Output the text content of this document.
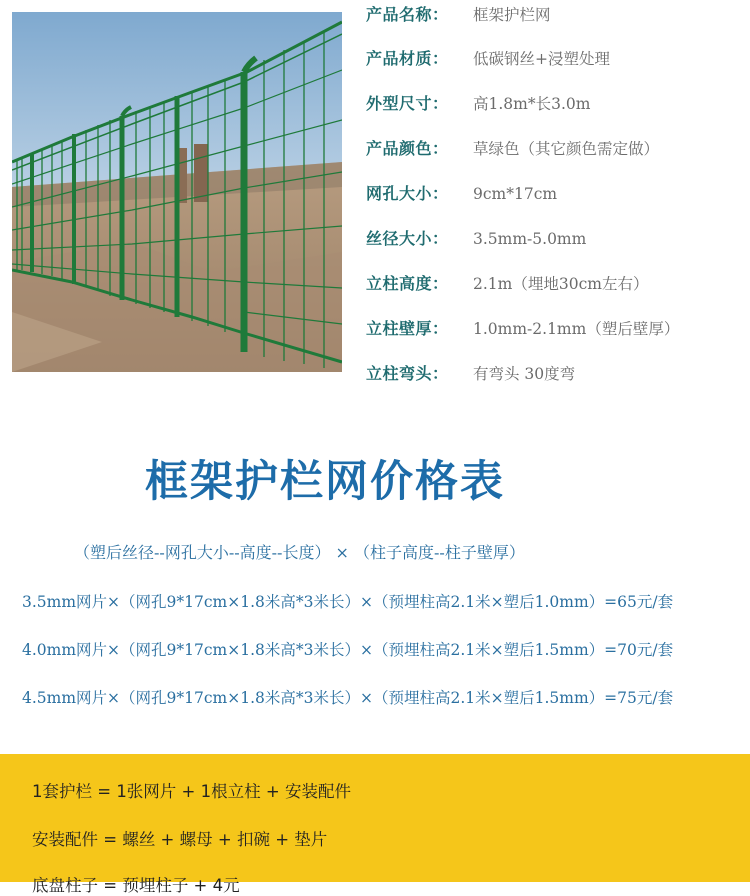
产品名称： 框架护栏网
产品材质： 低碳钢丝+浸塑处理
外型尺寸： 高1.8m*长3.0m
产品颜色： 草绿色（其它颜色需定做）
网孔大小： 9cm*17cm
丝径大小： 3.5mm-5.0mm
立柱高度： 2.1m（埋地30cm左右）
立柱壁厚： 1.0mm-2.1mm（塑后壁厚）
立柱弯头： 有弯头 30度弯
框架护栏网价格表
（塑后丝径--网孔大小--高度--长度） × （柱子高度--柱子壁厚）
3.5mm网片×（网孔9*17cm×1.8米高*3米长）×（预埋柱高2.1米×塑后1.0mm）=65元/套
4.0mm网片×（网孔9*17cm×1.8米高*3米长）×（预埋柱高2.1米×塑后1.5mm）=70元/套
4.5mm网片×（网孔9*17cm×1.8米高*3米长）×（预埋柱高2.1米×塑后1.5mm）=75元/套
1套护栏 = 1张网片 + 1根立柱 + 安装配件
安装配件 = 螺丝 + 螺母 + 扣碗 + 垫片
底盘柱子 = 预埋柱子 + 4元
